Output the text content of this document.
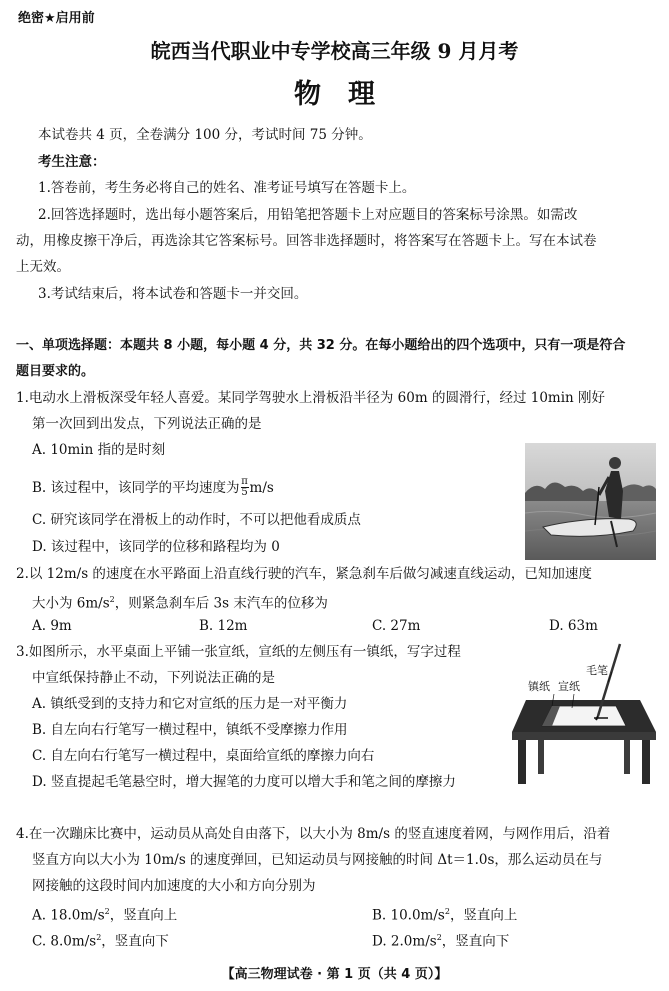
绝密★启用前
皖西当代职业中专学校高三年级 9 月月考
物　理
本试卷共 4 页，全卷满分 100 分，考试时间 75 分钟。
考生注意：
1.答卷前，考生务必将自己的姓名、准考证号填写在答题卡上。
2.回答选择题时，选出每小题答案后，用铅笔把答题卡上对应题目的答案标号涂黑。如需改
动，用橡皮擦干净后，再选涂其它答案标号。回答非选择题时，将答案写在答题卡上。写在本试卷
上无效。
3.考试结束后，将本试卷和答题卡一并交回。
一、单项选择题：本题共 8 小题，每小题 4 分，共 32 分。在每小题给出的四个选项中，只有一项是符合
题目要求的。
1.电动水上滑板深受年轻人喜爱。某同学驾驶水上滑板沿半径为 60m 的圆滑行，经过 10min 刚好
第一次回到出发点，下列说法正确的是
A. 10min 指的是时刻
B. 该过程中，该同学的平均速度为 $\frac{\pi}{5} m/s$
C. 研究该同学在滑板上的动作时，不可以把他看成质点
D. 该过程中，该同学的位移和路程均为 0
2.以 12m/s 的速度在水平路面上沿直线行驶的汽车，紧急刹车后做匀减速直线运动，已知加速度
大小为 $6m/s^2$，则紧急刹车后 3s 末汽车的位移为
A. 9m	B. 12m	C. 27m	D. 63m
3.如图所示，水平桌面上平铺一张宣纸，宣纸的左侧压有一镇纸，写字过程
中宣纸保持静止不动，下列说法正确的是
A. 镇纸受到的支持力和它对宣纸的压力是一对平衡力
B. 自左向右行笔写一横过程中，镇纸不受摩擦力作用
C. 自左向右行笔写一横过程中，桌面给宣纸的摩擦力向右
D. 竖直提起毛笔悬空时，增大握笔的力度可以增大手和笔之间的摩擦力
镇纸 宣纸
毛笔
4.在一次蹦床比赛中，运动员从高处自由落下，以大小为 8m/s 的竖直速度着网，与网作用后，沿着
竖直方向以大小为 10m/s 的速度弹回，已知运动员与网接触的时间 Δt＝1.0s，那么运动员在与
网接触的这段时间内加速度的大小和方向分别为
A. $18.0m/s^2$，竖直向上	B. $10.0m/s^2$，竖直向上
C. $8.0m/s^2$，竖直向下	D. $2.0m/s^2$，竖直向下
【高三物理试卷 · 第 1 页（共 4 页）】
